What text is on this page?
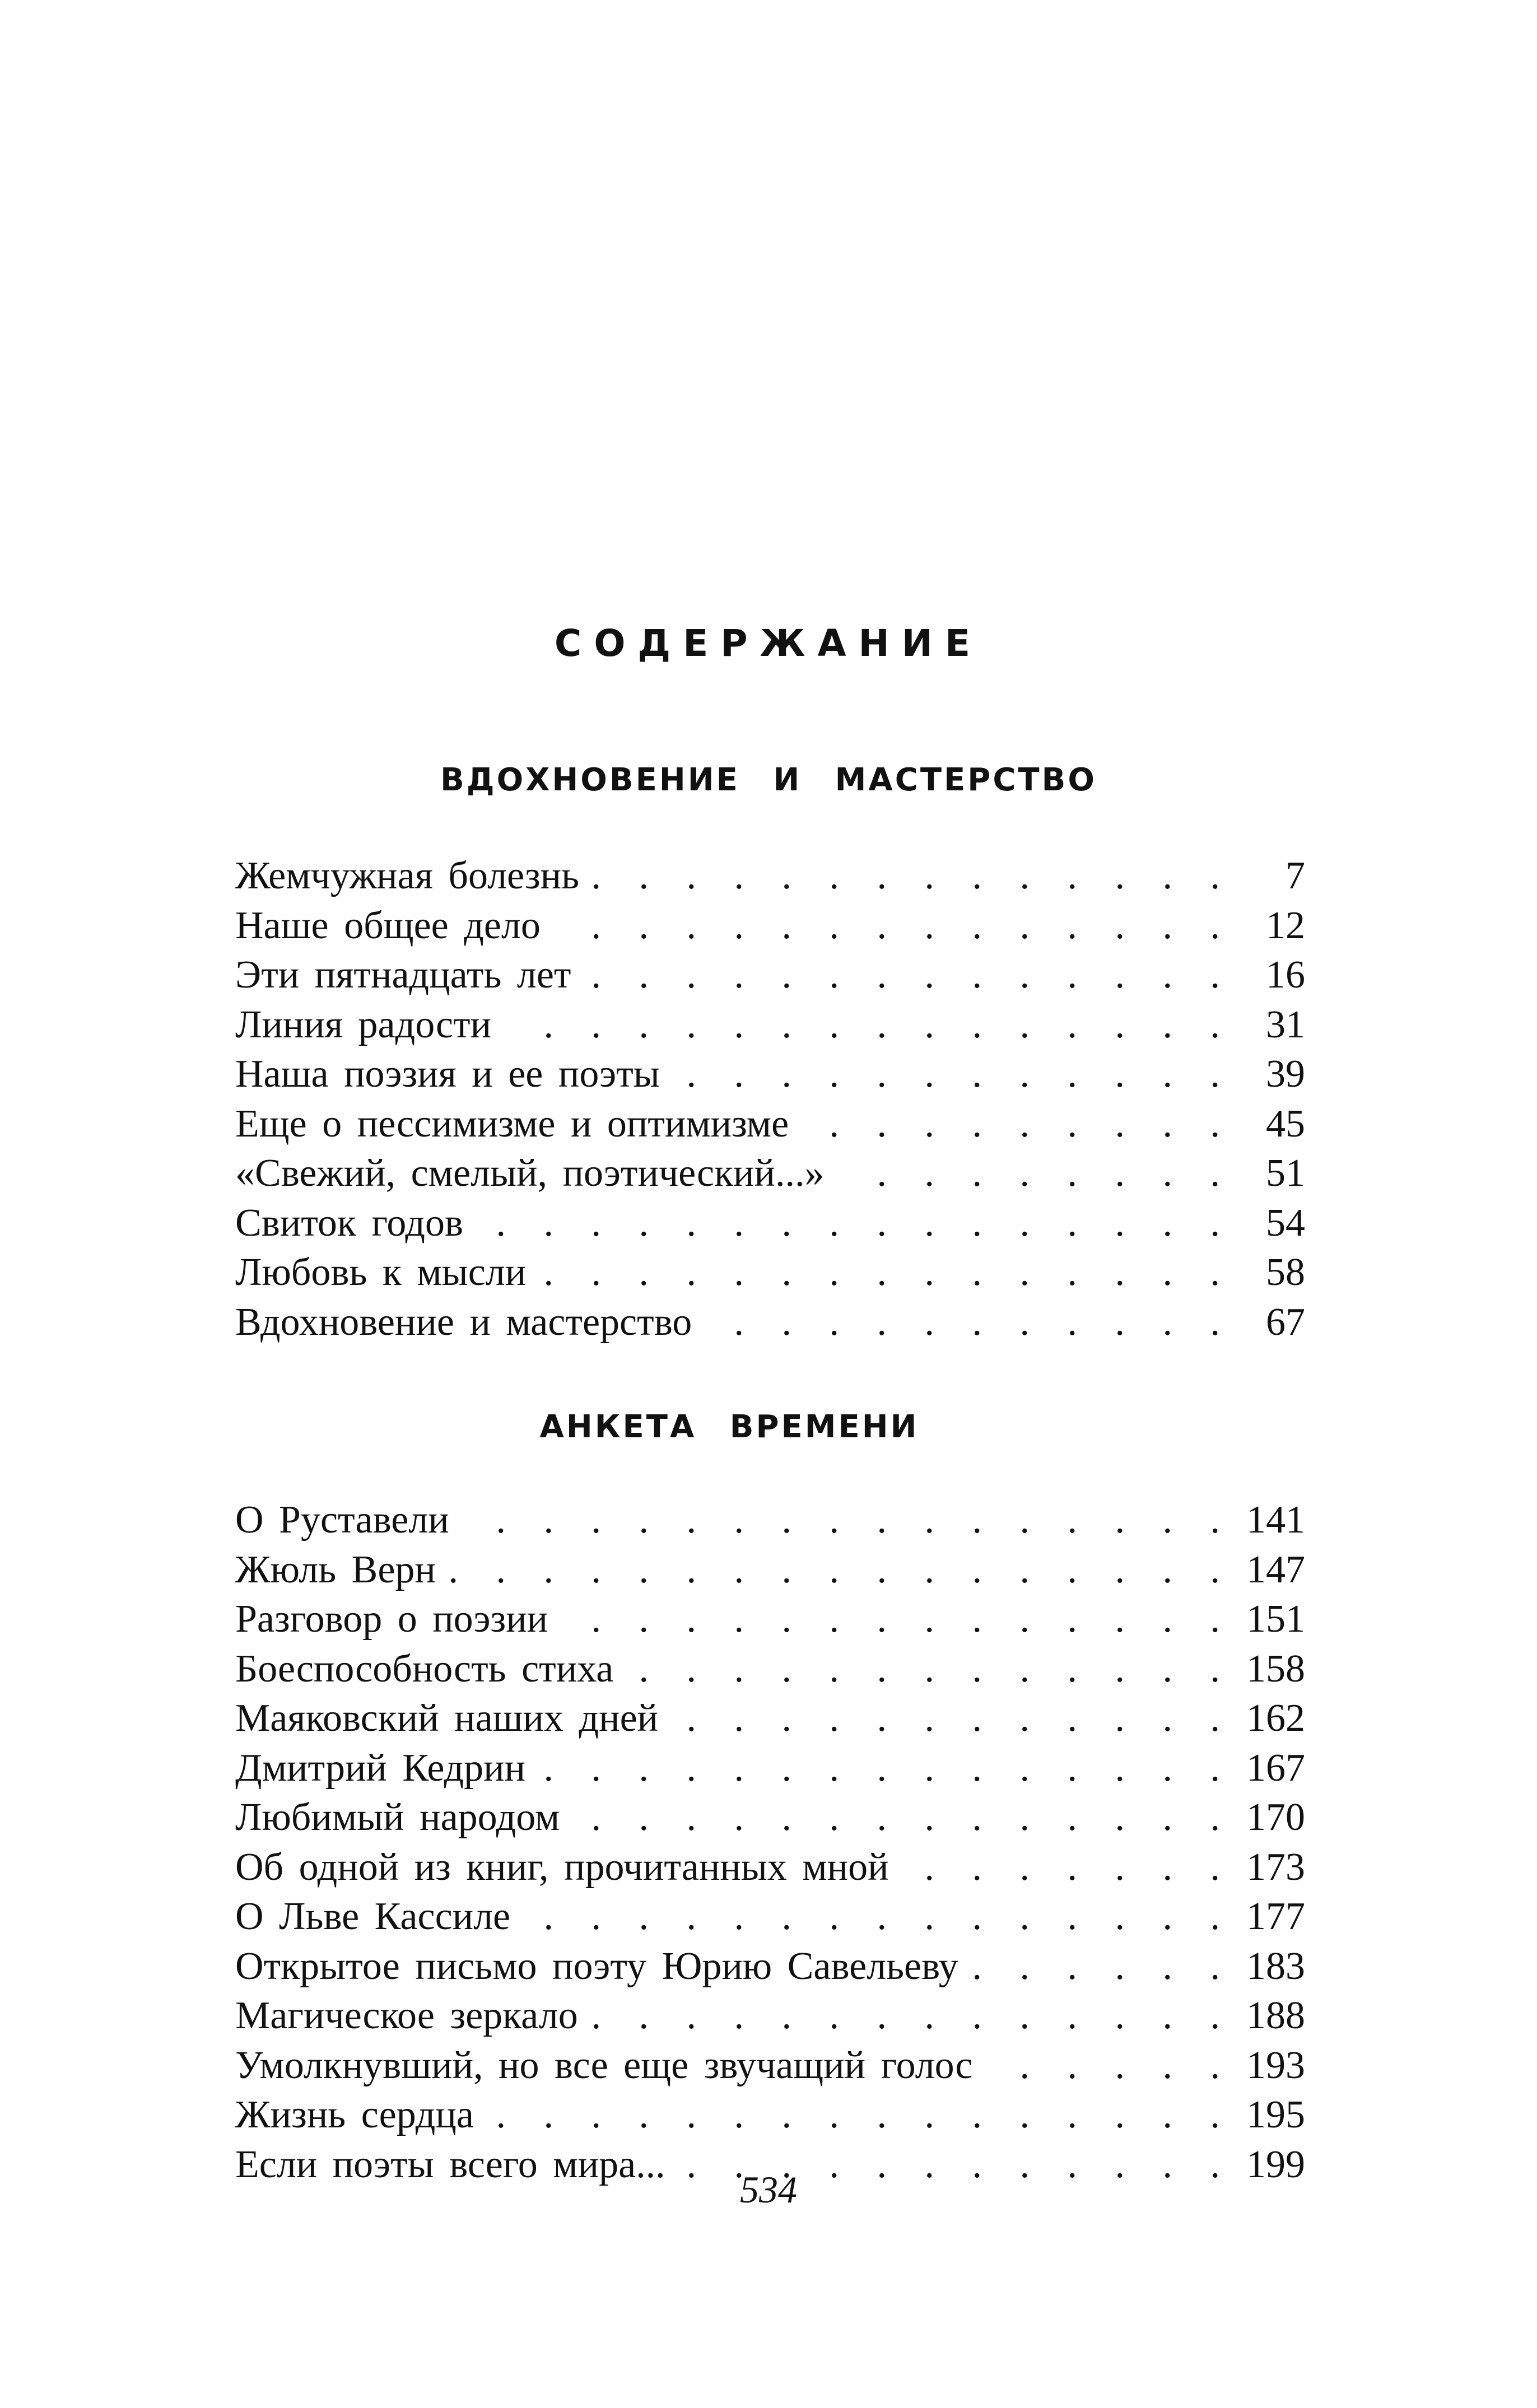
СОДЕРЖАНИЕ
ВДОХНОВЕНИЕ И МАСТЕРСТВО
Жемчужная болезнь . . .	7
Наше общее дело . . .	12
Эти пятнадцать лет . . .	16
Линия радости . . .	31
Наша поэзия и ее поэты . . .	39
Еще о пессимизме и оптимизме . . .	45
«Свежий, смелый, поэтический...» . . .	51
Свиток годов . . .	54
Любовь к мысли . . .	58
Вдохновение и мастерство . . .	67
АНКЕТА ВРЕМЕНИ
О Руставели . . .	141
Жюль Верн . . .	147
Разговор о поэзии . . .	151
Боеспособность стиха . . .	158
Маяковский наших дней . . .	162
Дмитрий Кедрин . . .	167
Любимый народом . . .	170
Об одной из книг, прочитанных мной . . .	173
О Льве Кассиле . . .	177
Открытое письмо поэту Юрию Савельеву . . .	183
Магическое зеркало . . .	188
Умолкнувший, но все еще звучащий голос . . .	193
Жизнь сердца . . .	195
Если поэты всего мира... . . .	199

534
